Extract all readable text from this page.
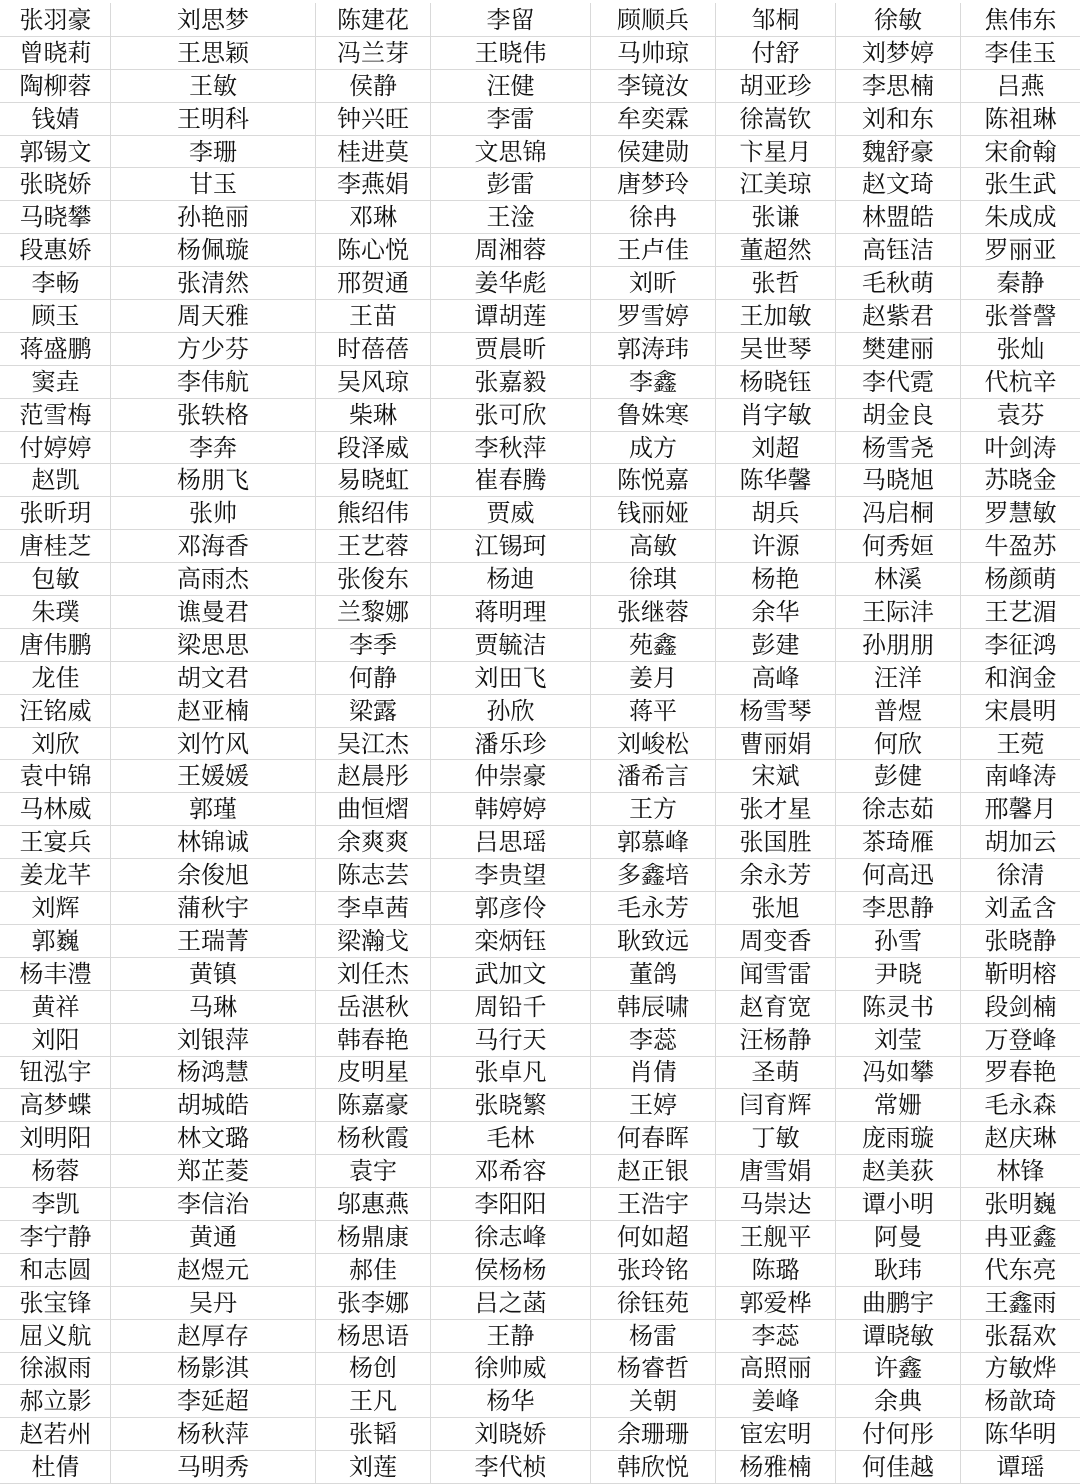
张羽豪	刘思梦	陈建花	李留	顾顺兵	邹桐	徐敏	焦伟东
曾晓莉	王思颖	冯兰芽	王晓伟	马帅琼	付舒	刘梦婷	李佳玉
陶柳蓉	王敏	侯静	汪健	李镜汝	胡亚珍	李思楠	吕燕
钱婧	王明科	钟兴旺	李雷	牟奕霖	徐嵩钦	刘和东	陈祖琳
郭锡文	李珊	桂进莫	文思锦	侯建勋	卞星月	魏舒豪	宋俞翰
张晓娇	甘玉	李燕娟	彭雷	唐梦玲	江美琼	赵文琦	张生武
马晓攀	孙艳丽	邓琳	王淦	徐冉	张谦	林盟皓	朱成成
段惠娇	杨佩璇	陈心悦	周湘蓉	王卢佳	董超然	高钰洁	罗丽亚
李畅	张清然	邢贺通	姜华彪	刘昕	张哲	毛秋萌	秦静
顾玉	周天雅	王苗	谭胡莲	罗雪婷	王加敏	赵紫君	张誉謦
蒋盛鹏	方少芬	时蓓蓓	贾晨昕	郭涛玮	吴世琴	樊建丽	张灿
窦垚	李伟航	吴风琼	张嘉毅	李鑫	杨晓钰	李代霓	代杭辛
范雪梅	张轶格	柴琳	张可欣	鲁姝寒	肖字敏	胡金良	袁芬
付婷婷	李奔	段泽威	李秋萍	成方	刘超	杨雪尧	叶剑涛
赵凯	杨朋飞	易晓虹	崔春腾	陈悦嘉	陈华馨	马晓旭	苏晓金
张昕玥	张帅	熊绍伟	贾威	钱丽娅	胡兵	冯启桐	罗慧敏
唐桂芝	邓海香	王艺蓉	江锡珂	高敏	许源	何秀姮	牛盈苏
包敏	高雨杰	张俊东	杨迪	徐琪	杨艳	林溪	杨颜萌
朱璞	谯曼君	兰黎娜	蒋明理	张继蓉	余华	王际沣	王艺湄
唐伟鹏	梁思思	李季	贾毓洁	苑鑫	彭建	孙朋朋	李征鸿
龙佳	胡文君	何静	刘田飞	姜月	高峰	汪洋	和润金
汪铭威	赵亚楠	梁露	孙欣	蒋平	杨雪琴	普煜	宋晨明
刘欣	刘竹风	吴江杰	潘乐珍	刘峻松	曹丽娟	何欣	王菀
袁中锦	王媛媛	赵晨彤	仲崇豪	潘希言	宋斌	彭健	南峰涛
马林威	郭瑾	曲恒熠	韩婷婷	王方	张才星	徐志茹	邢馨月
王宴兵	林锦诚	余爽爽	吕思瑶	郭慕峰	张国胜	茶琦雁	胡加云
姜龙芊	余俊旭	陈志芸	李贵望	多鑫培	余永芳	何高迅	徐清
刘辉	蒲秋宇	李卓茜	郭彦伶	毛永芳	张旭	李思静	刘孟含
郭巍	王瑞菁	梁瀚戈	栾炳钰	耿致远	周变香	孙雪	张晓静
杨丰澧	黄镇	刘任杰	武加文	董鸽	闻雪雷	尹晓	靳明榕
黄祥	马琳	岳湛秋	周铅千	韩辰啸	赵育宽	陈灵书	段剑楠
刘阳	刘银萍	韩春艳	马行天	李蕊	汪杨静	刘莹	万登峰
钮泓宇	杨鸿慧	皮明星	张卓凡	肖倩	圣萌	冯如攀	罗春艳
高梦蝶	胡城皓	陈嘉豪	张晓繁	王婷	闫育辉	常姗	毛永森
刘明阳	林文璐	杨秋霞	毛林	何春晖	丁敏	庞雨璇	赵庆琳
杨蓉	郑芷菱	袁宇	邓希容	赵正银	唐雪娟	赵美荻	林锋
李凯	李信治	邬惠燕	李阳阳	王浩宇	马崇达	谭小明	张明巍
李宁静	黄通	杨鼎康	徐志峰	何如超	王舰平	阿曼	冉亚鑫
和志圆	赵煜元	郝佳	侯杨杨	张玲铭	陈璐	耿玮	代东亮
张宝锋	吴丹	张李娜	吕之菡	徐钰苑	郭爱桦	曲鹏宇	王鑫雨
屈义航	赵厚存	杨思语	王静	杨雷	李蕊	谭晓敏	张磊欢
徐淑雨	杨影淇	杨创	徐帅威	杨睿哲	高照丽	许鑫	方敏烨
郝立影	李延超	王凡	杨华	关朝	姜峰	余典	杨歆琦
赵若州	杨秋萍	张韬	刘晓娇	余珊珊	宦宏明	付何彤	陈华明
杜倩	马明秀	刘莲	李代桢	韩欣悦	杨雅楠	何佳越	谭瑶
